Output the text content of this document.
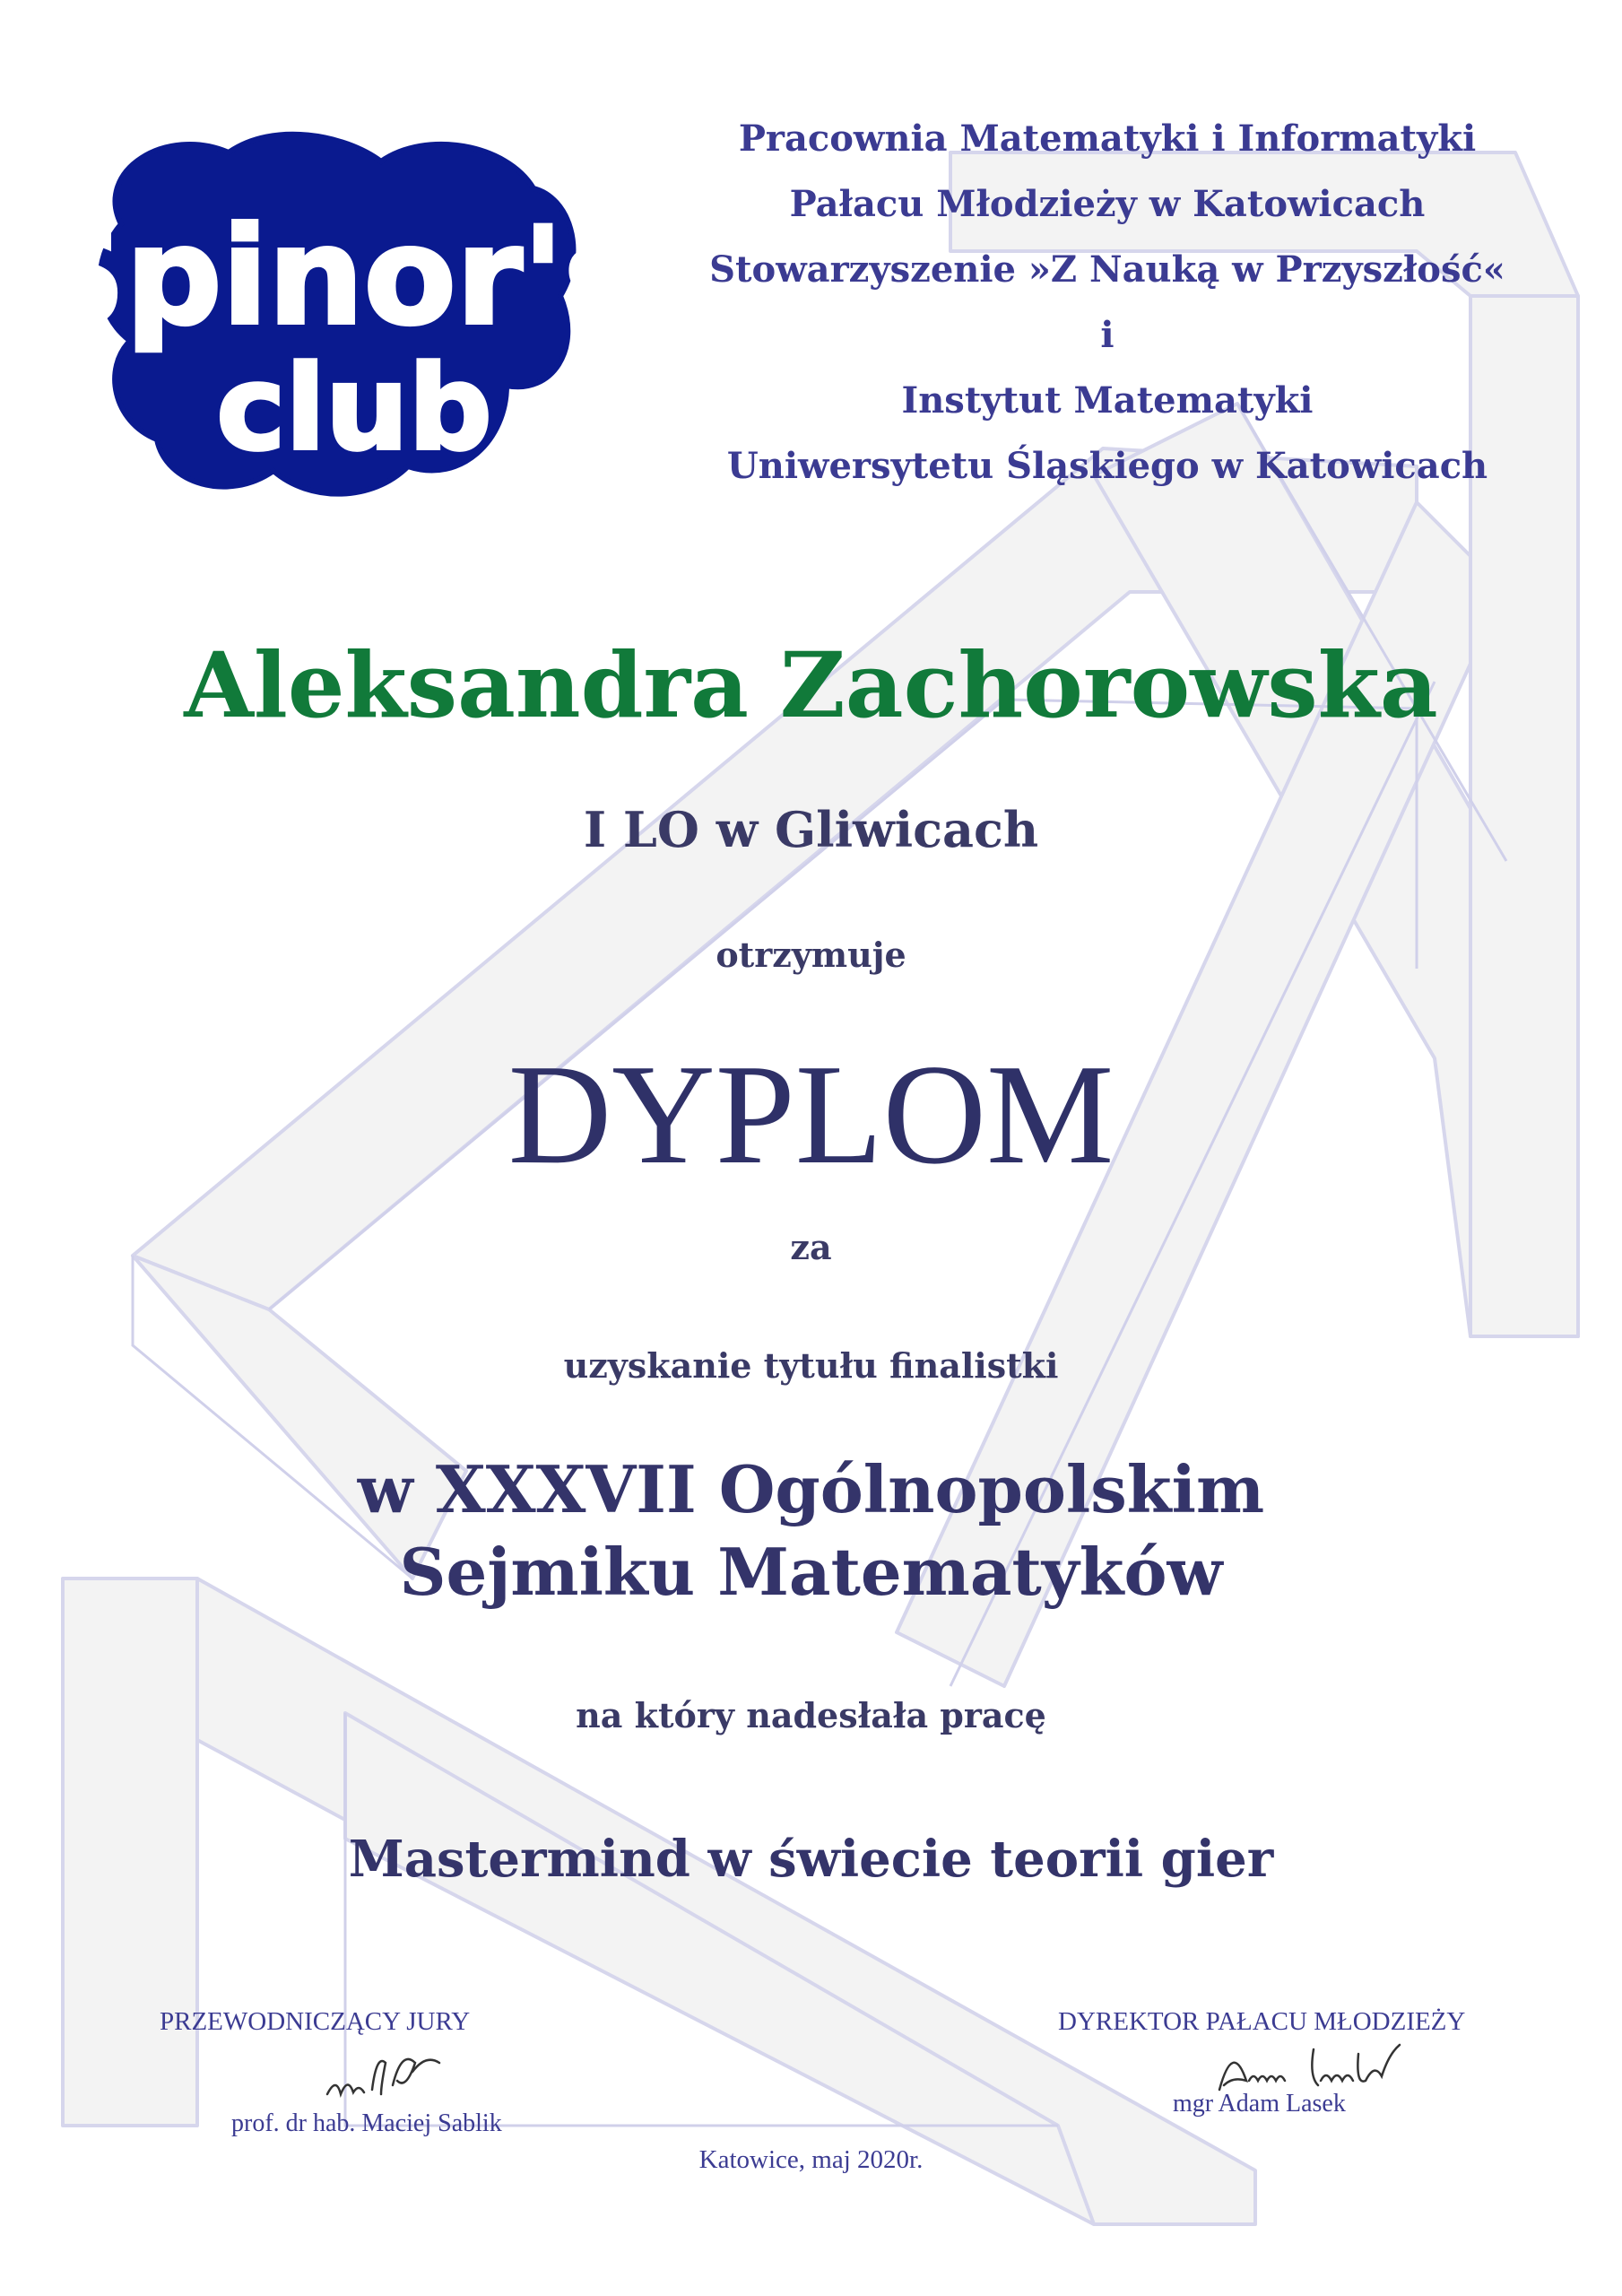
Spinor's
club
Pracownia Matematyki i Informatyki
Pałacu Młodzieży w Katowicach
Stowarzyszenie »Z Nauką w Przyszłość«
i
Instytut Matematyki
Uniwersytetu Śląskiego w Katowicach
Aleksandra Zachorowska
I LO w Gliwicach
otrzymuje
DYPLOM
za
uzyskanie tytułu finalistki
w XXXVII Ogólnopolskim
Sejmiku Matematyków
na który nadesłała pracę
Mastermind w świecie teorii gier
PRZEWODNICZĄCY JURY
prof. dr hab. Maciej Sablik
DYREKTOR PAŁACU MŁODZIEŻY
mgr Adam Lasek
Katowice, maj 2020r.
